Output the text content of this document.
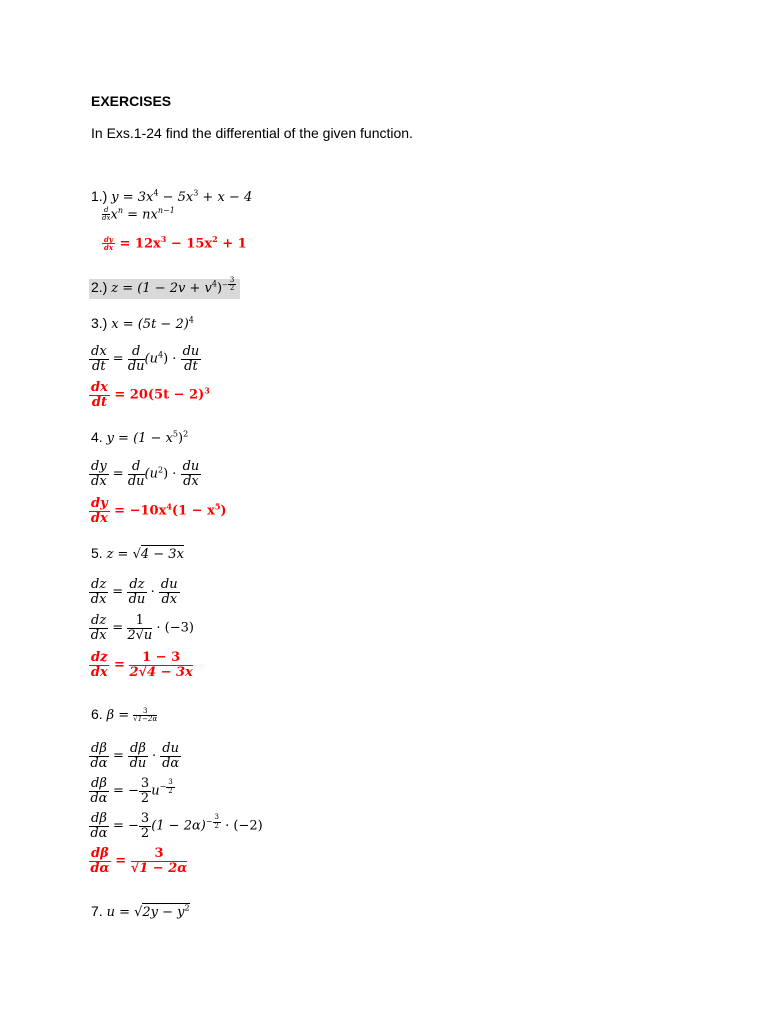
EXERCISES
In Exs.1-24 find the differential of the given function.
1.) $y = 3x^4 - 5x^3 + x - 4$
$\frac{d}{dx} x^n = nx^{n-1}$
$\frac{dy}{dx} = 12x^3 - 15x^2 + 1$
2.) $z = (1 - 2v + v^4)^{- \frac{3}{2}}$
3.) $x = (5t - 2)^4$
$\frac{dx}{dt} = \frac{d}{du} (u^4) \cdot \frac{du}{dt}$
$\frac{dx}{dt} = 20(5t - 2)^3$
4. $y = (1 - x^5)^2$
$\frac{dy}{dx} = \frac{d}{du} (u^2) \cdot \frac{du}{dx}$
$\frac{dy}{dx} = -10x^4(1 - x^5)$
5. z = √4 − 3x
$\frac{dz}{dx} = \frac{dz}{du} \cdot \frac{du}{dx}$
$\frac{dz}{dx} = \frac{1}{2√u} \cdot (-3)$
$\frac{dz}{dx} = \frac{1 - 3}{2√4 - 3x}$
6. $\beta = \frac{3}{√1-2\alpha}$
$\frac{d\beta}{d\alpha} = \frac{d\beta}{du} \cdot \frac{du}{d\alpha}$
$\frac{d\beta}{d\alpha}$ = − $\frac{3}{2} u^{- \frac{3}{2}}$
$\frac{d\beta}{d\alpha}$ = − $\frac{3}{2} (1 - 2\alpha)^{- \frac{3}{2}} \cdot (-2)$
$\frac{d\beta}{d\alpha} = \frac{3}{√1 - 2\alpha}$
7. $u = √2y - y^2$
